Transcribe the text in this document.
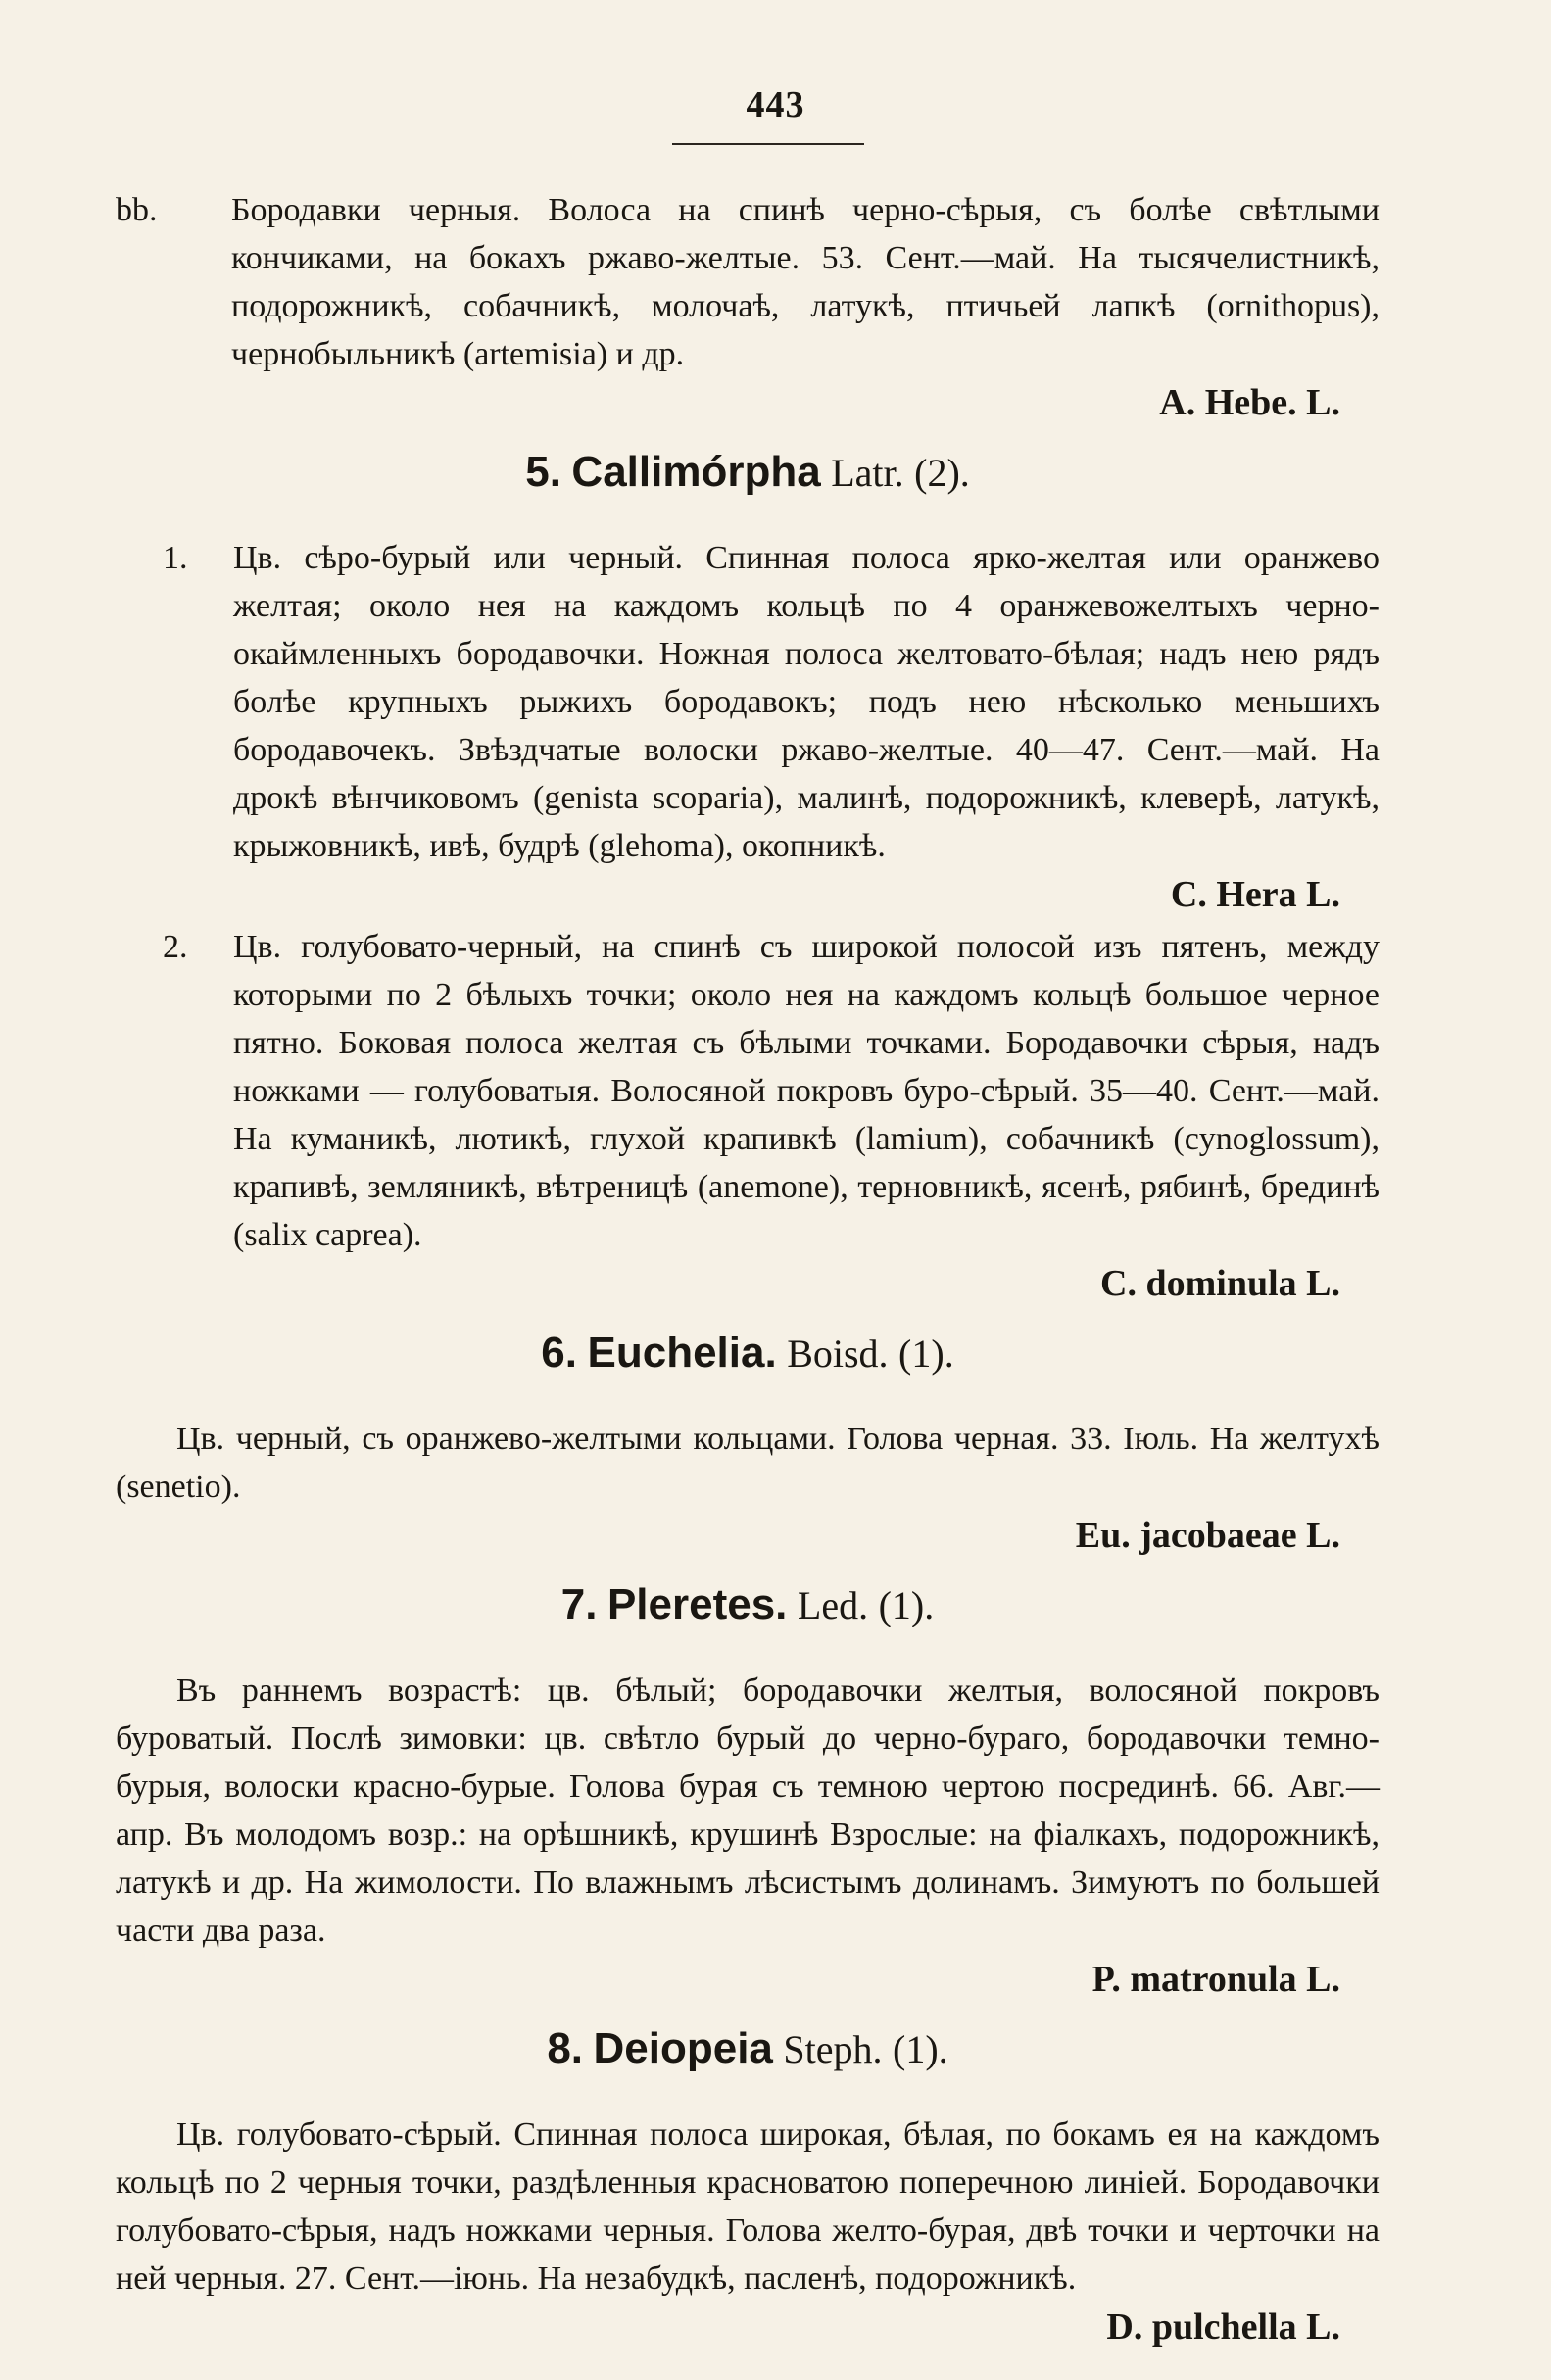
443
bb. Бородавки черныя. Волоса на спинѣ черно-сѣрыя, съ болѣе свѣтлыми кончиками, на бокахъ ржаво-желтые. 53. Сент.—май. На тысячелистникѣ, подорожникѣ, собачникѣ, молочаѣ, латукѣ, птичьей лапкѣ (ornithopus), чернобыльникѣ (artemisia) и др.

A. Hebe. L.
5. Callimórpha Latr. (2).
1. Цв. сѣро-бурый или черный. Спинная полоса ярко-желтая или оранжево желтая; около нея на каждомъ кольцѣ по 4 оранжевожелтыхъ черно-окаймленныхъ бородавочки. Ножная полоса желтовато-бѣлая; надъ нею рядъ болѣе крупныхъ рыжихъ бородавокъ; подъ нею нѣсколько меньшихъ бородавочекъ. Звѣздчатые волоски ржаво-желтые. 40—47. Сент.—май. На дрокѣ вѣнчиковомъ (genista scoparia), малинѣ, подорожникѣ, клеверѣ, латукѣ, крыжовникѣ, ивѣ, будрѣ (glehoma), окопникѣ.

C. Hera L.
2. Цв. голубовато-черный, на спинѣ съ широкой полосой изъ пятенъ, между которыми по 2 бѣлыхъ точки; около нея на каждомъ кольцѣ большое черное пятно. Боковая полоса желтая съ бѣлыми точками. Бородавочки сѣрыя, надъ ножками — голубоватыя. Волосяной покровъ буро-сѣрый. 35—40. Сент.—май. На куманикѣ, лютикѣ, глухой крапивкѣ (lamium), собачникѣ (cynoglossum), крапивѣ, земляникѣ, вѣтреницѣ (anemone), терновникѣ, ясенѣ, рябинѣ, брединѣ (salix caprea).

C. dominula L.
6. Euchelia. Boisd. (1).

Цв. черный, съ оранжево-желтыми кольцами. Голова черная. 33. Іюль. На желтухѣ (senetio).

Eu. jacobaeae L.
7. Pleretes. Led. (1).

Въ раннемъ возрастѣ: цв. бѣлый; бородавочки желтыя, волосяной покровъ буроватый. Послѣ зимовки: цв. свѣтло бурый до черно-бураго, бородавочки темно-бурыя, волоски красно-бурые. Голова бурая съ темною чертою посрединѣ. 66. Авг.—апр. Въ молодомъ возр.: на орѣшникѣ, крушинѣ Взрослые: на фіалкахъ, подорожникѣ, латукѣ и др. На жимолости. По влажнымъ лѣсистымъ долинамъ. Зимуютъ по большей части два раза.

P. matronula L.
8. Deiopeia Steph. (1).

Цв. голубовато-сѣрый. Спинная полоса широкая, бѣлая, по бокамъ ея на каждомъ кольцѣ по 2 черныя точки, раздѣленныя красноватою поперечною линіей. Бородавочки голубовато-сѣрыя, надъ ножками черныя. Голова желто-бурая, двѣ точки и черточки на ней черныя. 27. Сент.—іюнь. На незабудкѣ, пасленѣ, подорожникѣ.

D. pulchella L.
